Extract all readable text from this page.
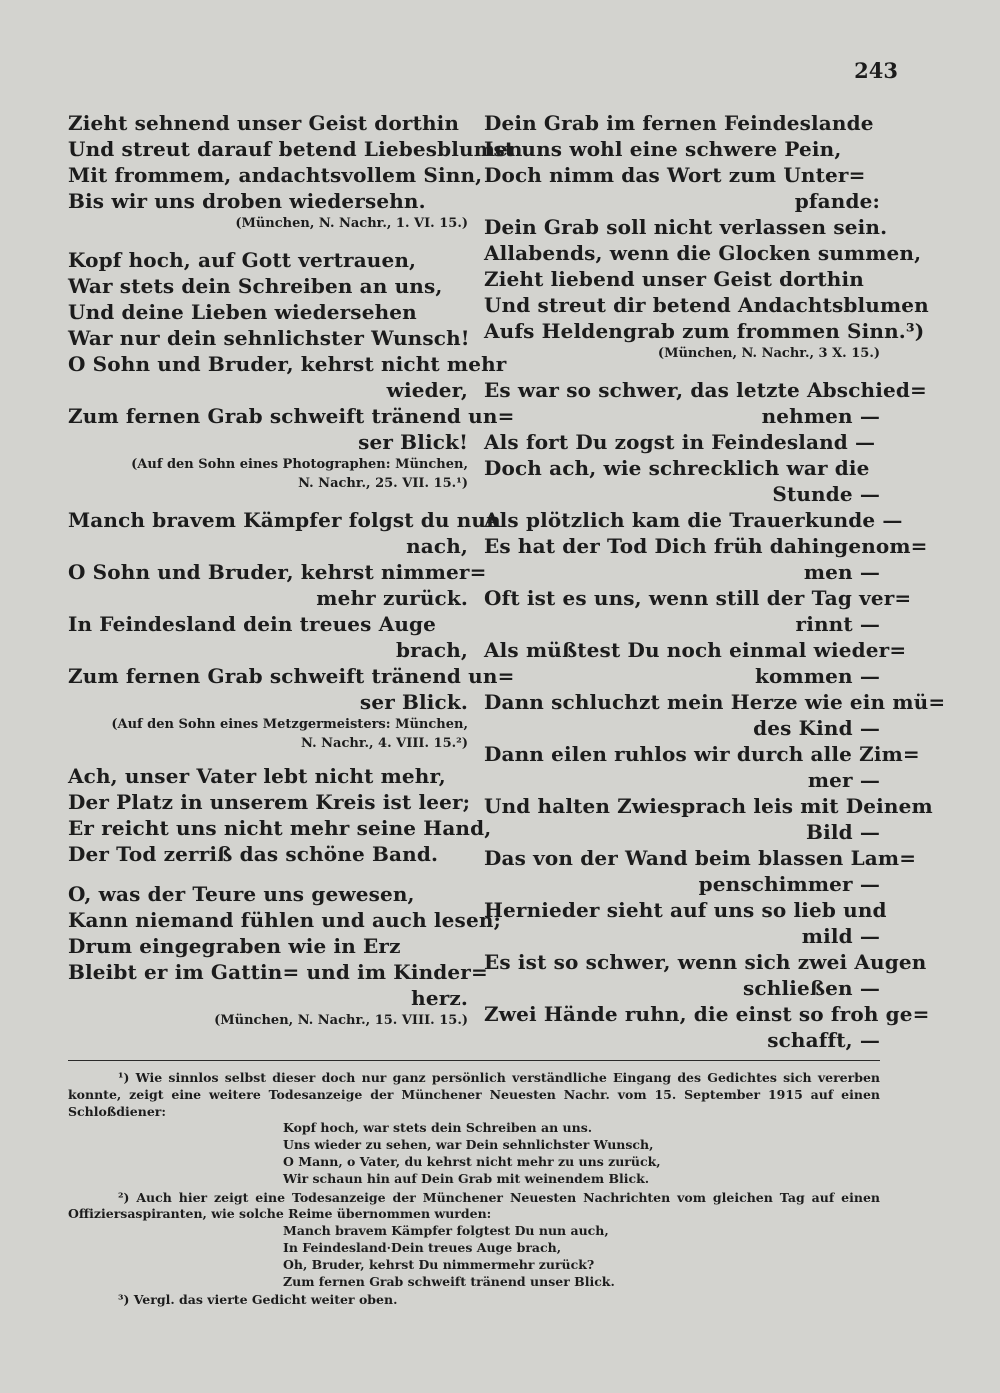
243
Zieht sehnend unser Geist dorthin
Und streut darauf betend Liebesblumen
Mit frommem, andachtsvollem Sinn,
Bis wir uns droben wiedersehn.
(München, N. Nachr., 1. VI. 15.)
Kopf hoch, auf Gott vertrauen,
War stets dein Schreiben an uns,
Und deine Lieben wiedersehen
War nur dein sehnlichster Wunsch!
O Sohn und Bruder, kehrst nicht mehr
wieder,
Zum fernen Grab schweift tränend un=
ser Blick!
(Auf den Sohn eines Photographen: München,
N. Nachr., 25. VII. 15.¹)
Manch bravem Kämpfer folgst du nun
nach,
O Sohn und Bruder, kehrst nimmer=
mehr zurück.
In Feindesland dein treues Auge
brach,
Zum fernen Grab schweift tränend un=
ser Blick.
(Auf den Sohn eines Metzgermeisters: München,
N. Nachr., 4. VIII. 15.²)
Ach, unser Vater lebt nicht mehr,
Der Platz in unserem Kreis ist leer;
Er reicht uns nicht mehr seine Hand,
Der Tod zerriß das schöne Band.
O, was der Teure uns gewesen,
Kann niemand fühlen und auch lesen;
Drum eingegraben wie in Erz
Bleibt er im Gattin= und im Kinder=
herz.
(München, N. Nachr., 15. VIII. 15.)
Dein Grab im fernen Feindeslande
Ist uns wohl eine schwere Pein,
Doch nimm das Wort zum Unter=
pfande:
Dein Grab soll nicht verlassen sein.
Allabends, wenn die Glocken summen,
Zieht liebend unser Geist dorthin
Und streut dir betend Andachtsblumen
Aufs Heldengrab zum frommen Sinn.³)
(München, N. Nachr., 3 X. 15.)
Es war so schwer, das letzte Abschied=
nehmen —
Als fort Du zogst in Feindesland —
Doch ach, wie schrecklich war die
Stunde —
Als plötzlich kam die Trauerkunde —
Es hat der Tod Dich früh dahingenom=
men —
Oft ist es uns, wenn still der Tag ver=
rinnt —
Als müßtest Du noch einmal wieder=
kommen —
Dann schluchzt mein Herze wie ein mü=
des Kind —
Dann eilen ruhlos wir durch alle Zim=
mer —
Und halten Zwiesprach leis mit Deinem
Bild —
Das von der Wand beim blassen Lam=
penschimmer —
Hernieder sieht auf uns so lieb und
mild —
Es ist so schwer, wenn sich zwei Augen
schließen —
Zwei Hände ruhn, die einst so froh ge=
schafft, —

¹) Wie sinnlos selbst dieser doch nur ganz persönlich verständliche Eingang des Gedichtes sich vererben konnte, zeigt eine weitere Todesanzeige der Münchener Neuesten Nachr. vom 15. September 1915 auf einen Schloßdiener:

Kopf hoch, war stets dein Schreiben an uns.
Uns wieder zu sehen, war Dein sehnlichster Wunsch,
O Mann, o Vater, du kehrst nicht mehr zu uns zurück,
Wir schaun hin auf Dein Grab mit weinendem Blick.

²) Auch hier zeigt eine Todesanzeige der Münchener Neuesten Nachrichten vom gleichen Tag auf einen Offiziersaspiranten, wie solche Reime übernommen wurden:

Manch bravem Kämpfer folgtest Du nun auch,
In Feindesland·Dein treues Auge brach,
Oh, Bruder, kehrst Du nimmermehr zurück?
Zum fernen Grab schweift tränend unser Blick.

³) Vergl. das vierte Gedicht weiter oben.
